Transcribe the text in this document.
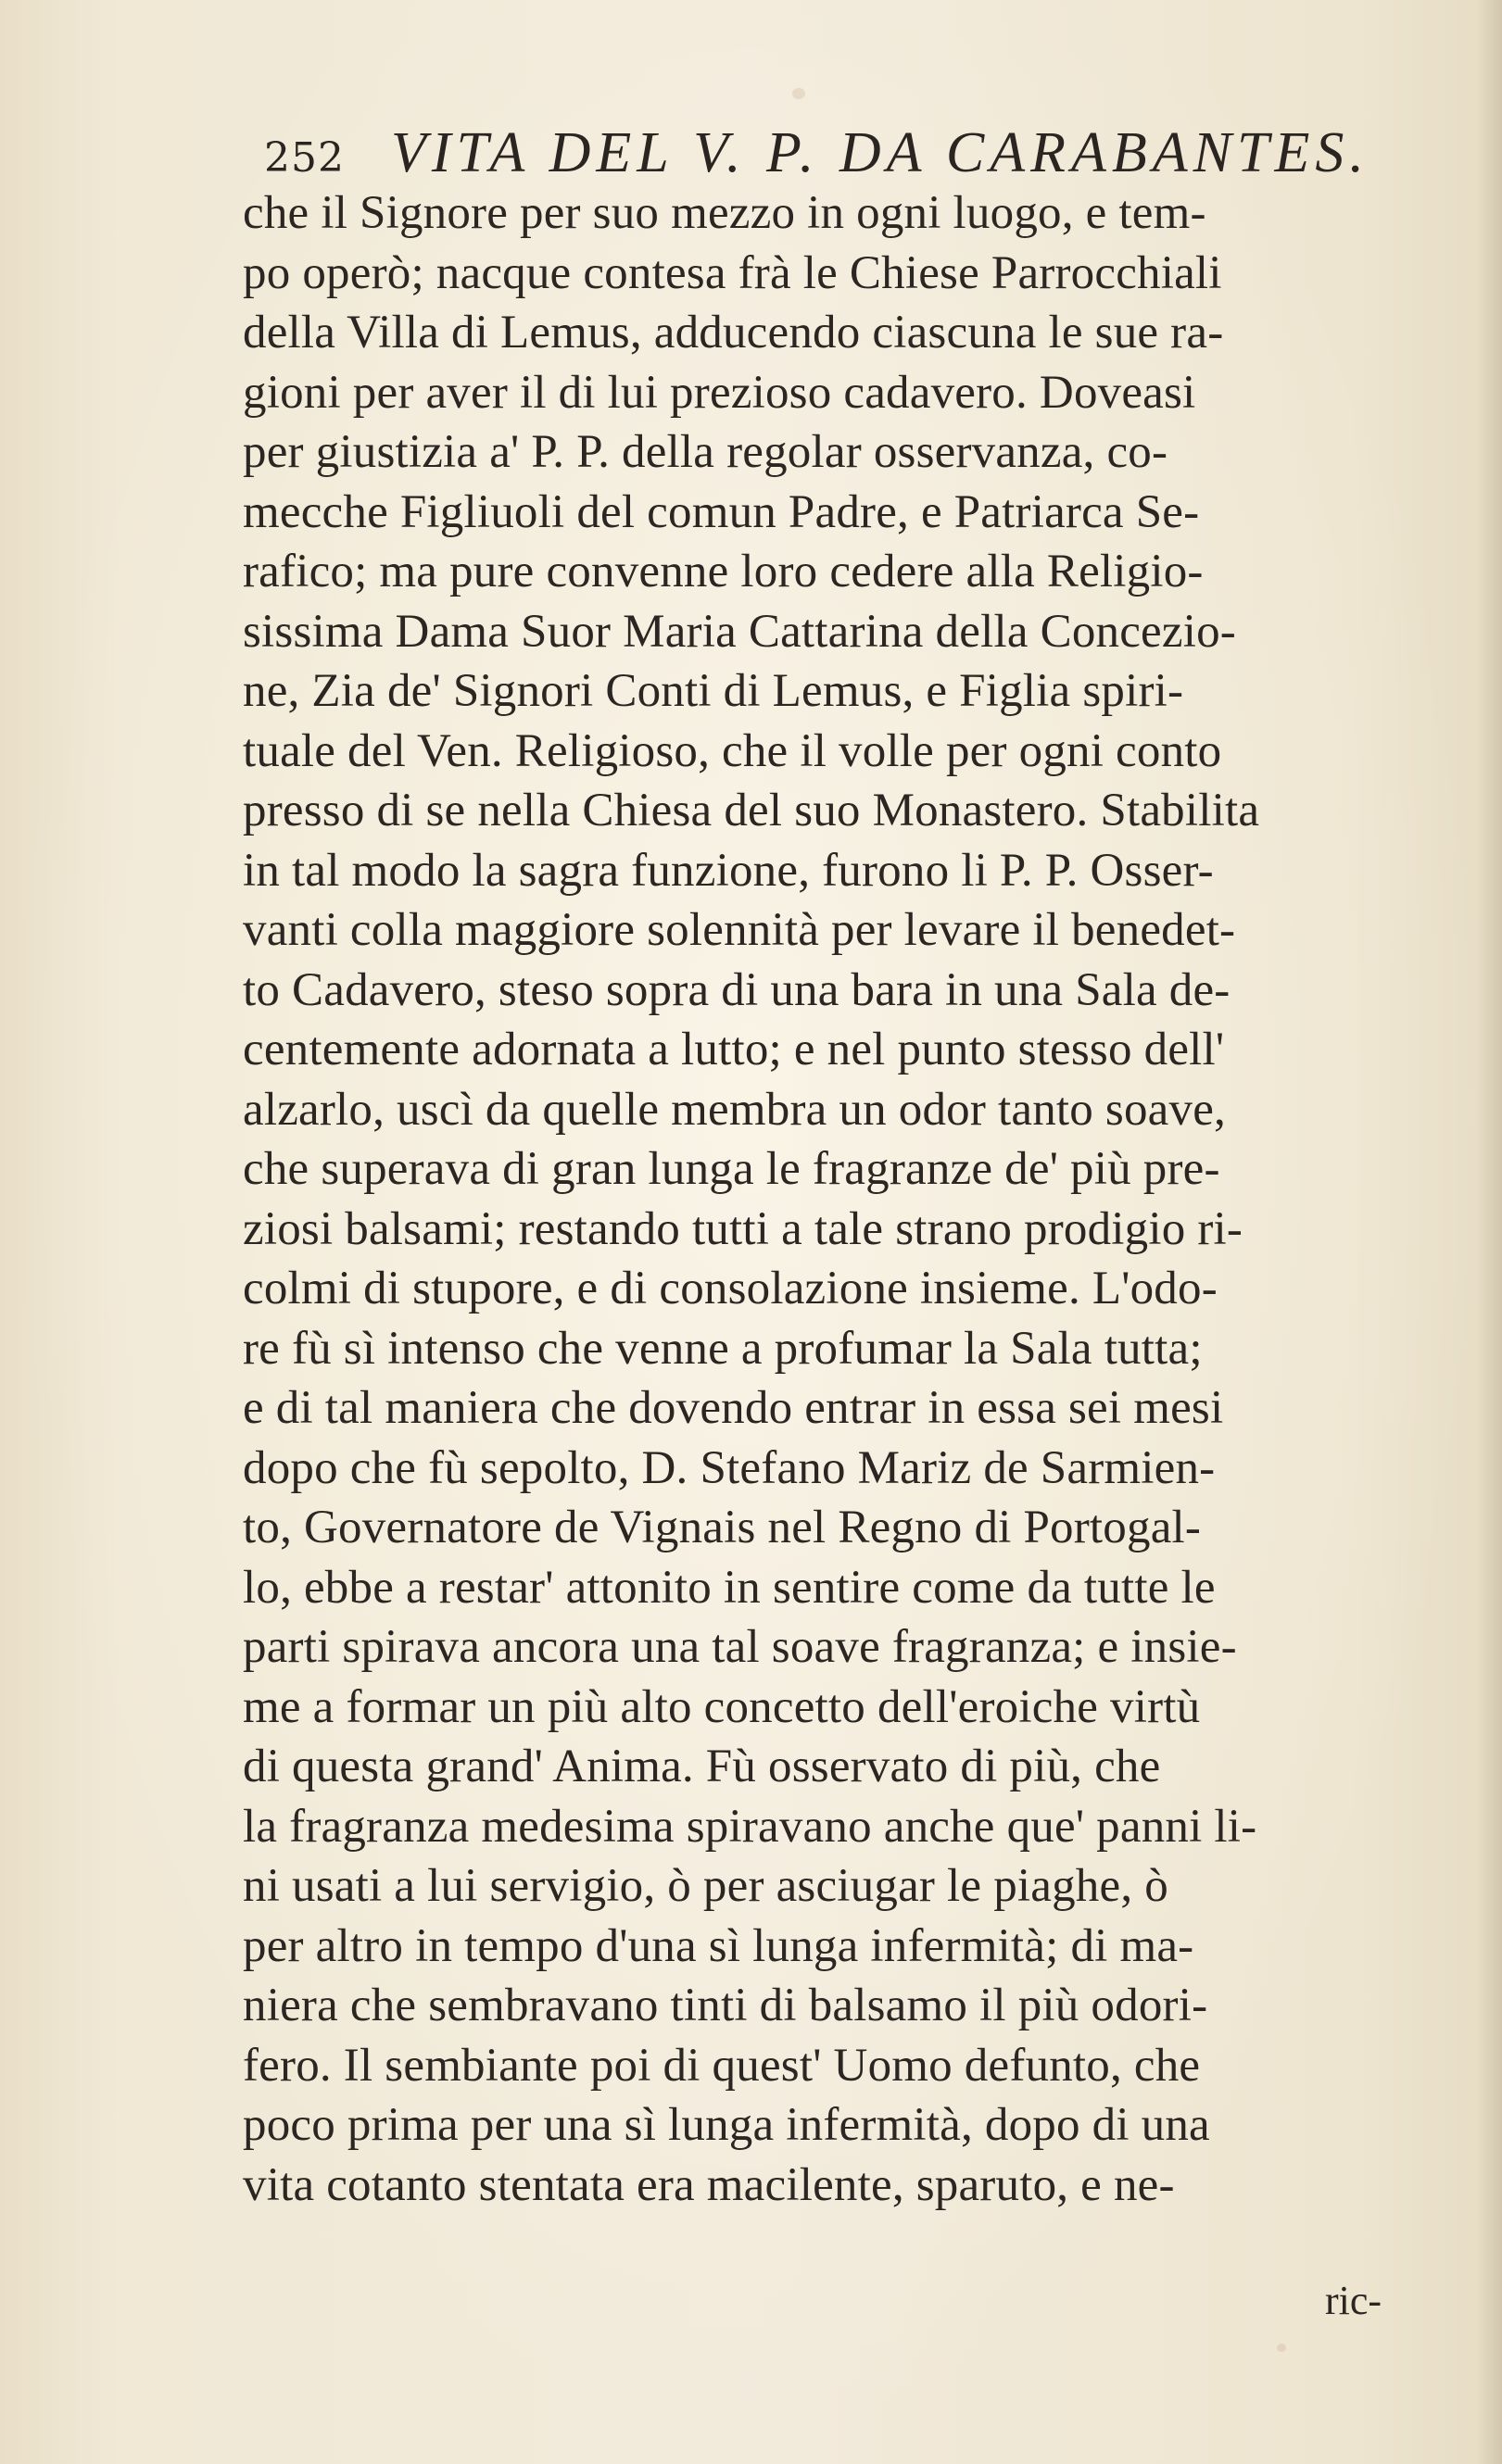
252 VITA DEL V. P. DA CARABANTES.
che il Signore per suo mezzo in ogni luogo, e tem-
po operò; nacque contesa frà le Chiese Parrocchiali
della Villa di Lemus, adducendo ciascuna le sue ra-
gioni per aver il di lui prezioso cadavero. Doveasi
per giustizia a' P. P. della regolar osservanza, co-
mecche Figliuoli del comun Padre, e Patriarca Se-
rafico; ma pure convenne loro cedere alla Religio-
sissima Dama Suor Maria Cattarina della Concezio-
ne, Zia de' Signori Conti di Lemus, e Figlia spiri-
tuale del Ven. Religioso, che il volle per ogni conto
presso di se nella Chiesa del suo Monastero. Stabilita
in tal modo la sagra funzione, furono li P. P. Osser-
vanti colla maggiore solennità per levare il benedet-
to Cadavero, steso sopra di una bara in una Sala de-
centemente adornata a lutto; e nel punto stesso dell'
alzarlo, uscì da quelle membra un odor tanto soave,
che superava di gran lunga le fragranze de' più pre-
ziosi balsami; restando tutti a tale strano prodigio ri-
colmi di stupore, e di consolazione insieme. L'odo-
re fù sì intenso che venne a profumar la Sala tutta;
e di tal maniera che dovendo entrar in essa sei mesi
dopo che fù sepolto, D. Stefano Mariz de Sarmien-
to, Governatore de Vignais nel Regno di Portogal-
lo, ebbe a restar' attonito in sentire come da tutte le
parti spirava ancora una tal soave fragranza; e insie-
me a formar un più alto concetto dell'eroiche virtù
di questa grand' Anima. Fù osservato di più, che
la fragranza medesima spiravano anche que' panni li-
ni usati a lui servigio, ò per asciugar le piaghe, ò
per altro in tempo d'una sì lunga infermità; di ma-
niera che sembravano tinti di balsamo il più odori-
fero. Il sembiante poi di quest' Uomo defunto, che
poco prima per una sì lunga infermità, dopo di una
vita cotanto stentata era macilente, sparuto, e ne-
ric-
